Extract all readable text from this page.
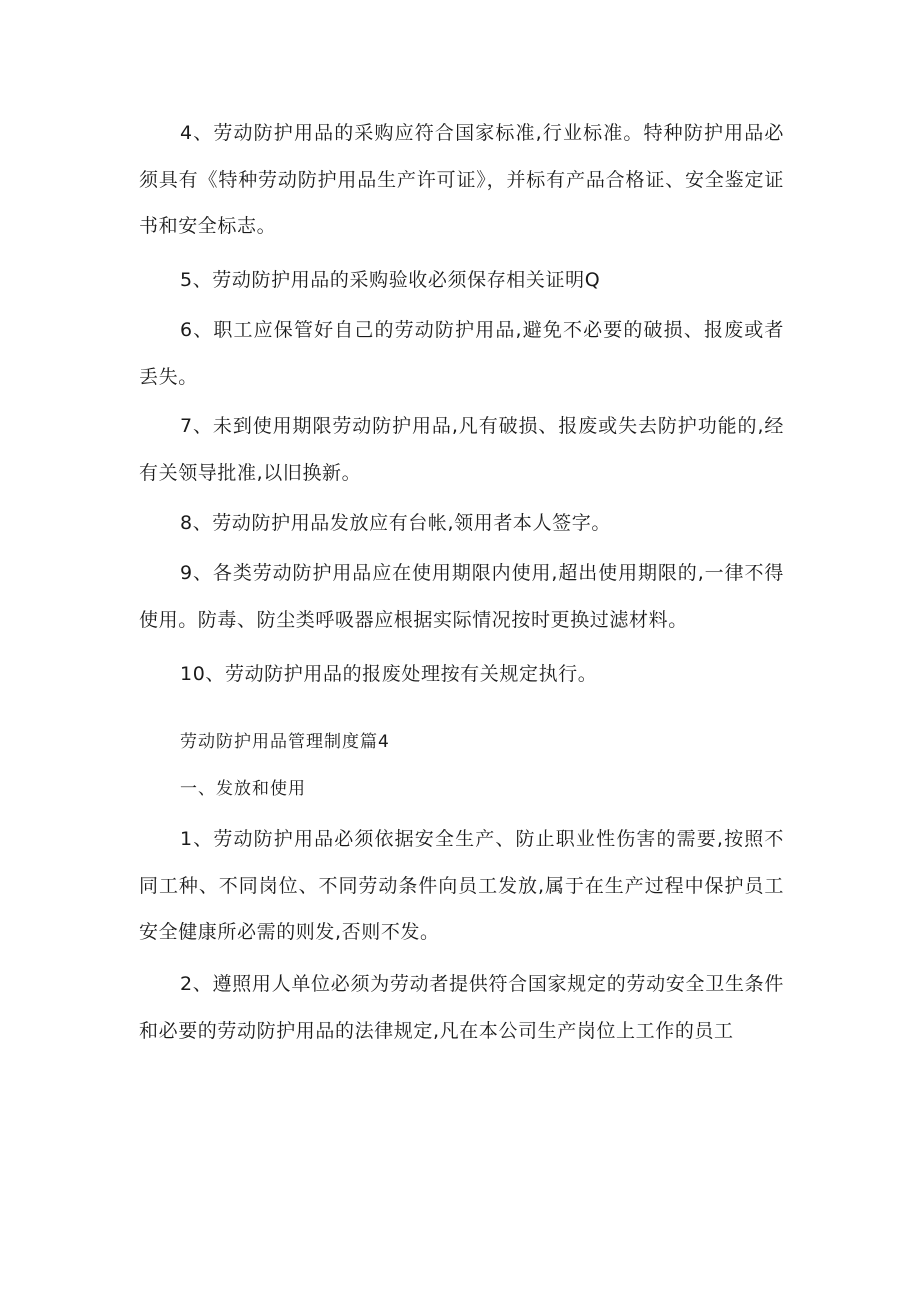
4、劳动防护用品的采购应符合国家标准,行业标准。特种防护用品必须具有《特种劳动防护用品生产许可证》，并标有产品合格证、安全鉴定证书和安全标志。

5、劳动防护用品的采购验收必须保存相关证明Q

6、职工应保管好自己的劳动防护用品,避免不必要的破损、报废或者丢失。

7、未到使用期限劳动防护用品,凡有破损、报废或失去防护功能的,经有关领导批准,以旧换新。

8、劳动防护用品发放应有台帐,领用者本人签字。

9、各类劳动防护用品应在使用期限内使用,超出使用期限的,一律不得使用。防毒、防尘类呼吸器应根据实际情况按时更换过滤材料。

10、劳动防护用品的报废处理按有关规定执行。

劳动防护用品管理制度篇4

一、发放和使用

1、劳动防护用品必须依据安全生产、防止职业性伤害的需要,按照不同工种、不同岗位、不同劳动条件向员工发放,属于在生产过程中保护员工安全健康所必需的则发,否则不发。

2、遵照用人单位必须为劳动者提供符合国家规定的劳动安全卫生条件和必要的劳动防护用品的法律规定,凡在本公司生产岗位上工作的员工
